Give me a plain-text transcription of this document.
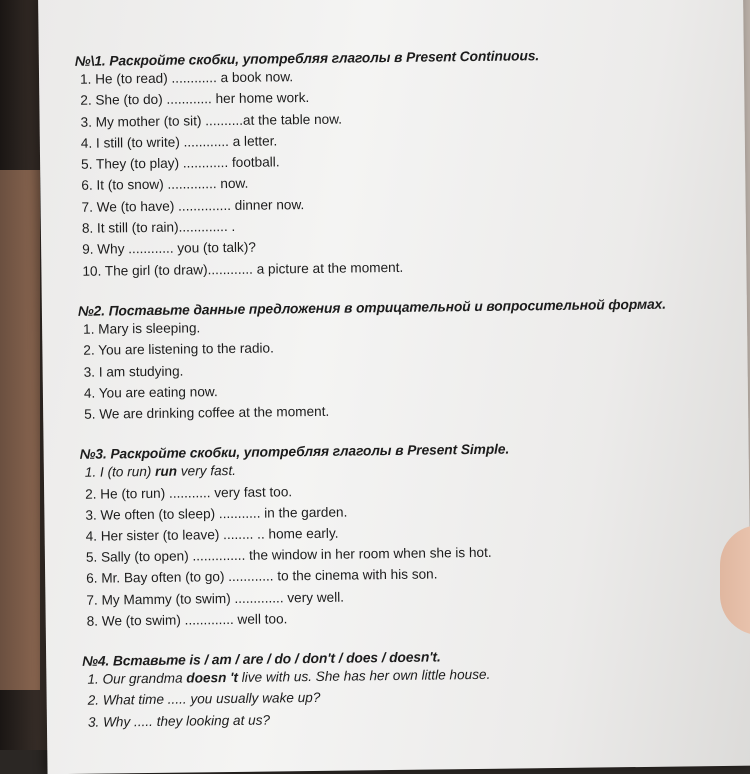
№\1. Раскройте скобки, употребляя глаголы в Present Continuous.

1. He (to read) ............ a book now.
2. She (to do) ............ her home work.
3. My mother (to sit) ..........at the table now.
4. I still (to write) ............ a letter.
5. They (to play) ............ football.
6. It (to snow) ............. now.
7. We (to have) .............. dinner now.
8. It still (to rain)............. .
9. Why ............ you (to talk)?
10. The girl (to draw)............ a picture at the moment.

№2. Поставьте данные предложения в отрицательной и вопросительной формах.

1. Mary is sleeping.
2. You are listening to the radio.
3. I am studying.
4. You are eating now.
5. We are drinking coffee at the moment.

№3. Раскройте скобки, употребляя глаголы в Present Simple.

1. I (to run) run very fast.
2. He (to run) ........... very fast too.
3. We often (to sleep) ........... in the garden.
4. Her sister (to leave) ........ .. home early.
5. Sally (to open) .............. the window in her room when she is hot.
6. Mr. Bay often (to go) ............ to the cinema with his son.
7. My Mammy (to swim) ............. very well.
8. We (to swim) ............. well too.

№4. Вставьте is / am / are / do / don't / does / doesn't.

1. Our grandma doesn 't live with us. She has her own little house.
2. What time ..... you usually wake up?
3. Why ..... they looking at us?
